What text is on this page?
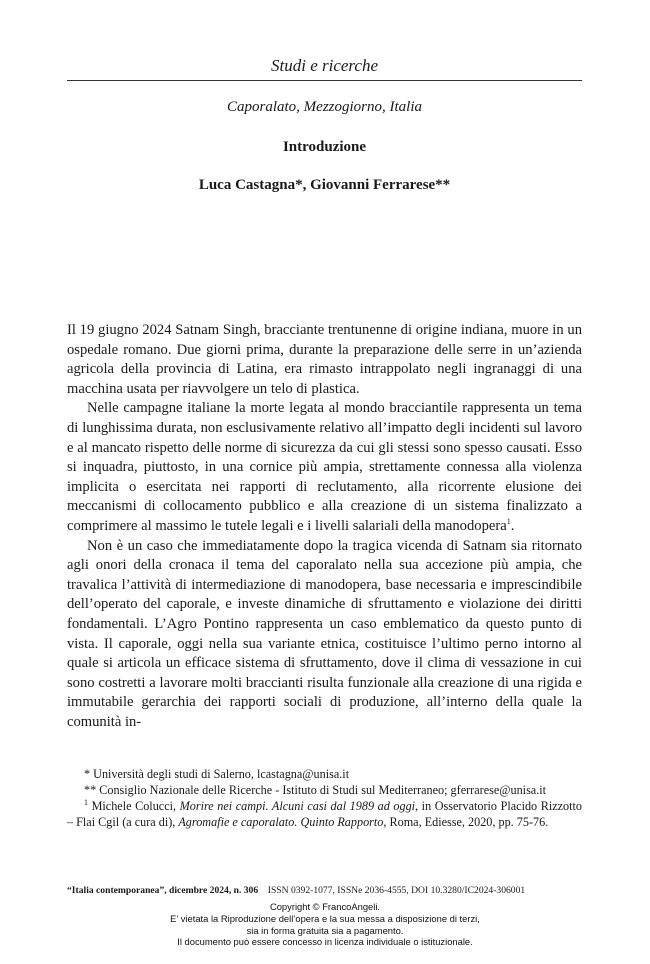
Studi e ricerche
Caporalato, Mezzogiorno, Italia
Introduzione
Luca Castagna*, Giovanni Ferrarese**

Il 19 giugno 2024 Satnam Singh, bracciante trentunenne di origine indiana, muore in un ospedale romano. Due giorni prima, durante la preparazione delle serre in un’azienda agricola della provincia di Latina, era rimasto intrappolato negli ingranaggi di una macchina usata per riavvolgere un telo di plastica.

Nelle campagne italiane la morte legata al mondo bracciantile rappresenta un tema di lunghissima durata, non esclusivamente relativo all’impatto degli incidenti sul lavoro e al mancato rispetto delle norme di sicurezza da cui gli stessi sono spesso causati. Esso si inquadra, piuttosto, in una cornice più ampia, strettamente connessa alla violenza implicita o esercitata nei rapporti di reclutamento, alla ricorrente elusione dei meccanismi di collocamento pubblico e alla creazione di un sistema finalizzato a comprimere al massimo le tutele legali e i livelli salariali della manodopera$^1$.

Non è un caso che immediatamente dopo la tragica vicenda di Satnam sia ritornato agli onori della cronaca il tema del caporalato nella sua accezione più ampia, che travalica l’attività di intermediazione di manodopera, base necessaria e imprescindibile dell’operato del caporale, e investe dinamiche di sfruttamento e violazione dei diritti fondamentali. L’Agro Pontino rappresenta un caso emblematico da questo punto di vista. Il caporale, oggi nella sua variante etnica, costituisce l’ultimo perno intorno al quale si articola un efficace sistema di sfruttamento, dove il clima di vessazione in cui sono costretti a lavorare molti braccianti risulta funzionale alla creazione di una rigida e immutabile gerarchia dei rapporti sociali di produzione, all’interno della quale la comunità in-

* Università degli studi di Salerno, lcastagna@unisa.it

** Consiglio Nazionale delle Ricerche - Istituto di Studi sul Mediterraneo; gferrarese@unisa.it

$^1$ Michele Colucci, Morire nei campi. Alcuni casi dal 1989 ad oggi, in Osservatorio Placido Rizzotto – Flai Cgil (a cura di), Agromafie e caporalato. Quinto Rapporto, Roma, Ediesse, 2020, pp. 75-76.

“Italia contemporanea”, dicembre 2024, n. 306 ISSN 0392-1077, ISSNe 2036-4555, DOI 10.3280/IC2024-306001
Copyright © FrancoAngeli.
E’ vietata la Riproduzione dell’opera e la sua messa a disposizione di terzi,
sia in forma gratuita sia a pagamento.
Il documento può essere concesso in licenza individuale o istituzionale.
